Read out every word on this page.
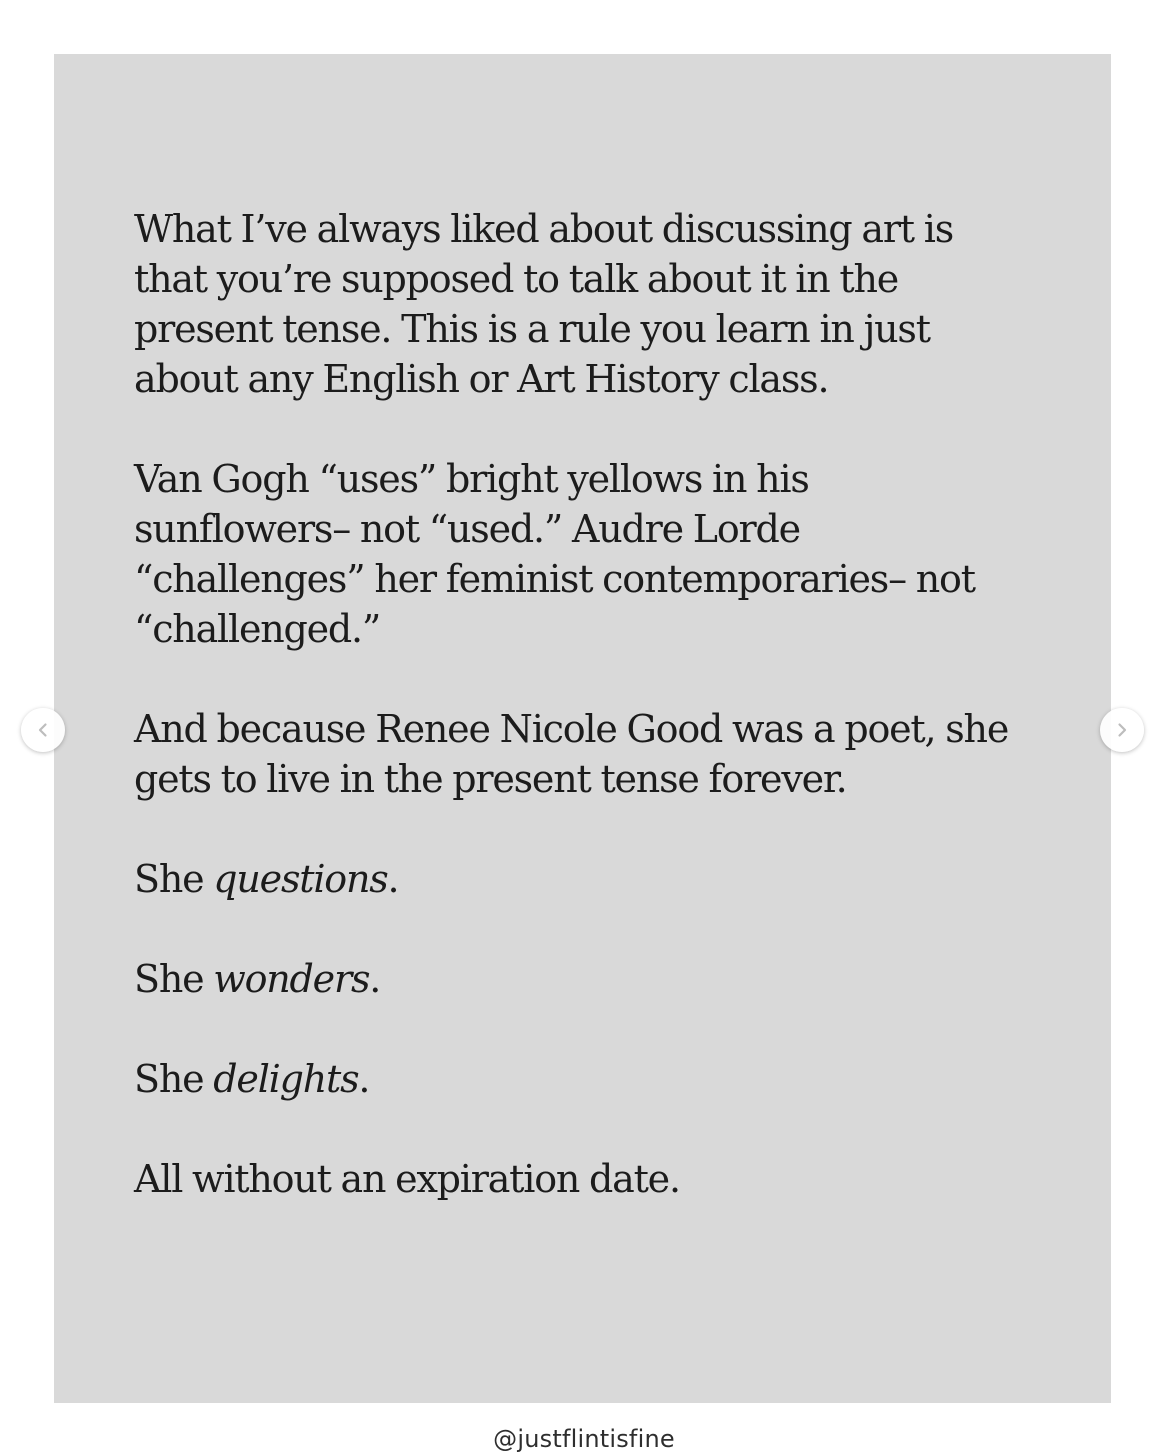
What I’ve always liked about discussing art is
that you’re supposed to talk about it in the
present tense. This is a rule you learn in just
about any English or Art History class.

Van Gogh “uses” bright yellows in his
sunflowers– not “used.” Audre Lorde
“challenges” her feminist contemporaries– not
“challenged.”

And because Renee Nicole Good was a poet, she
gets to live in the present tense forever.

She questions.

She wonders.

She delights.

All without an expiration date.

@justflintisfine
